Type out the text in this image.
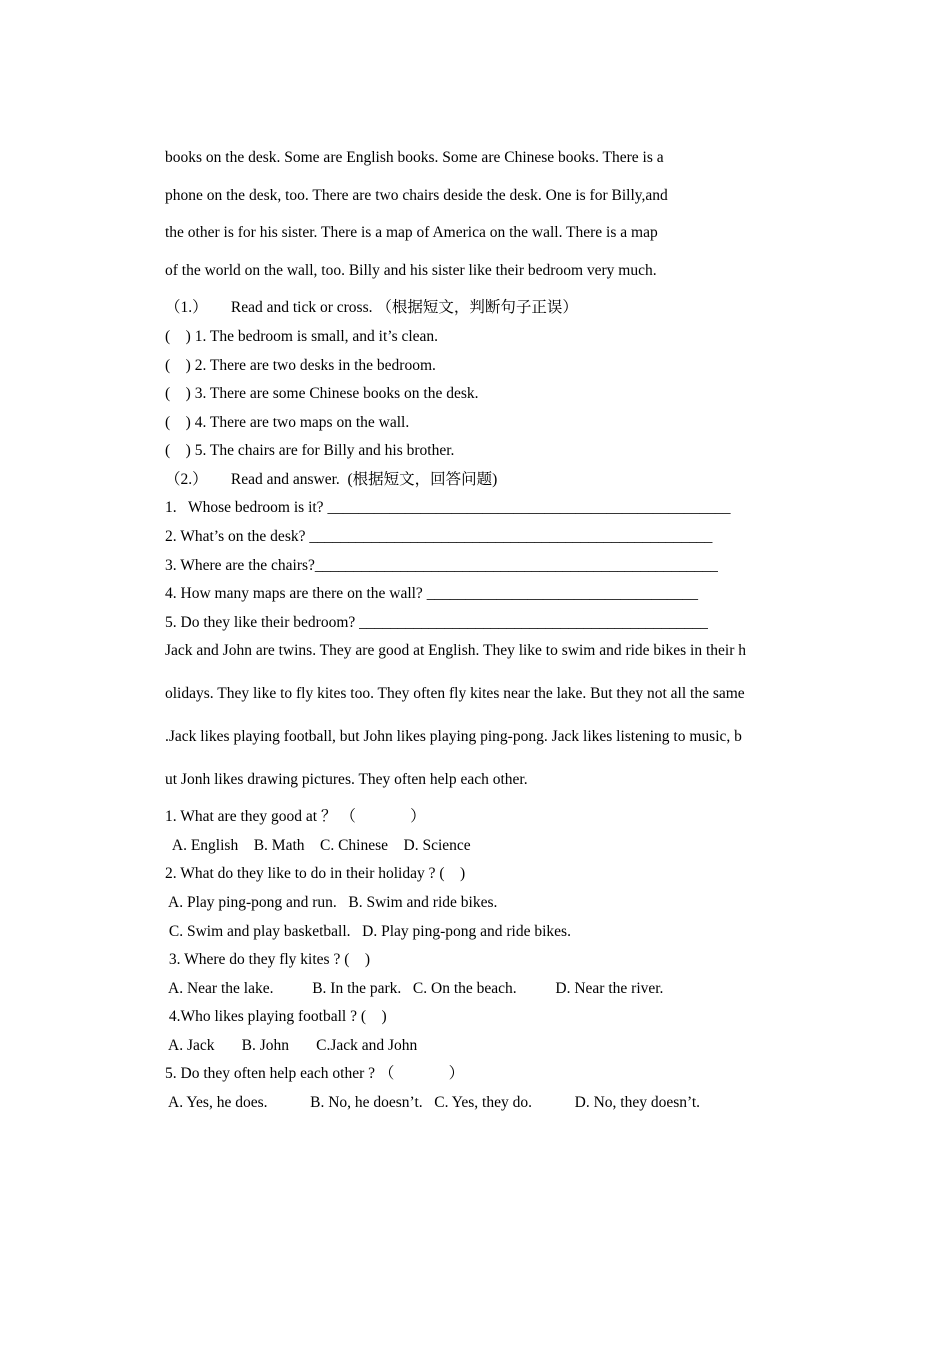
books on the desk. Some are English books. Some are Chinese books. There is a
phone on the desk, too. There are two chairs deside the desk. One is for Billy,and
the other is for his sister. There is a map of America on the wall. There is a map
of the world on the wall, too. Billy and his sister like their bedroom very much.
（1.）      Read and tick or cross. （根据短文，判断句子正误）
(    ) 1. The bedroom is small, and it’s clean.
(    ) 2. There are two desks in the bedroom.
(    ) 3. There are some Chinese books on the desk.
(    ) 4. There are two maps on the wall.
(    ) 5. The chairs are for Billy and his brother.
（2.）      Read and answer.  (根据短文，回答问题)
1.   Whose bedroom is it? ____________________________________________________
2. What’s on the desk? ____________________________________________________
3. Where are the chairs?____________________________________________________
4. How many maps are there on the wall? ___________________________________
5. Do they like their bedroom? _____________________________________________
Jack and John are twins. They are good at English. They like to swim and ride bikes in their h
olidays. They like to fly kites too. They often fly kites near the lake. But they not all the same
.Jack likes playing football, but John likes playing ping-pong. Jack likes listening to music, b
ut Jonh likes drawing pictures. They often help each other.
1. What are they good at ？ （              ）
A. English    B. Math    C. Chinese    D. Science
2. What do they like to do in their holiday ? (    )
A. Play ping-pong and run.   B. Swim and ride bikes.
C. Swim and play basketball.   D. Play ping-pong and ride bikes.
3. Where do they fly kites ? (    )
A. Near the lake.          B. In the park.   C. On the beach.          D. Near the river.
4.Who likes playing football ? (    )
A. Jack       B. John       C.Jack and John
5. Do they often help each other ? （              ）
A. Yes, he does.           B. No, he doesn’t.   C. Yes, they do.           D. No, they doesn’t.
